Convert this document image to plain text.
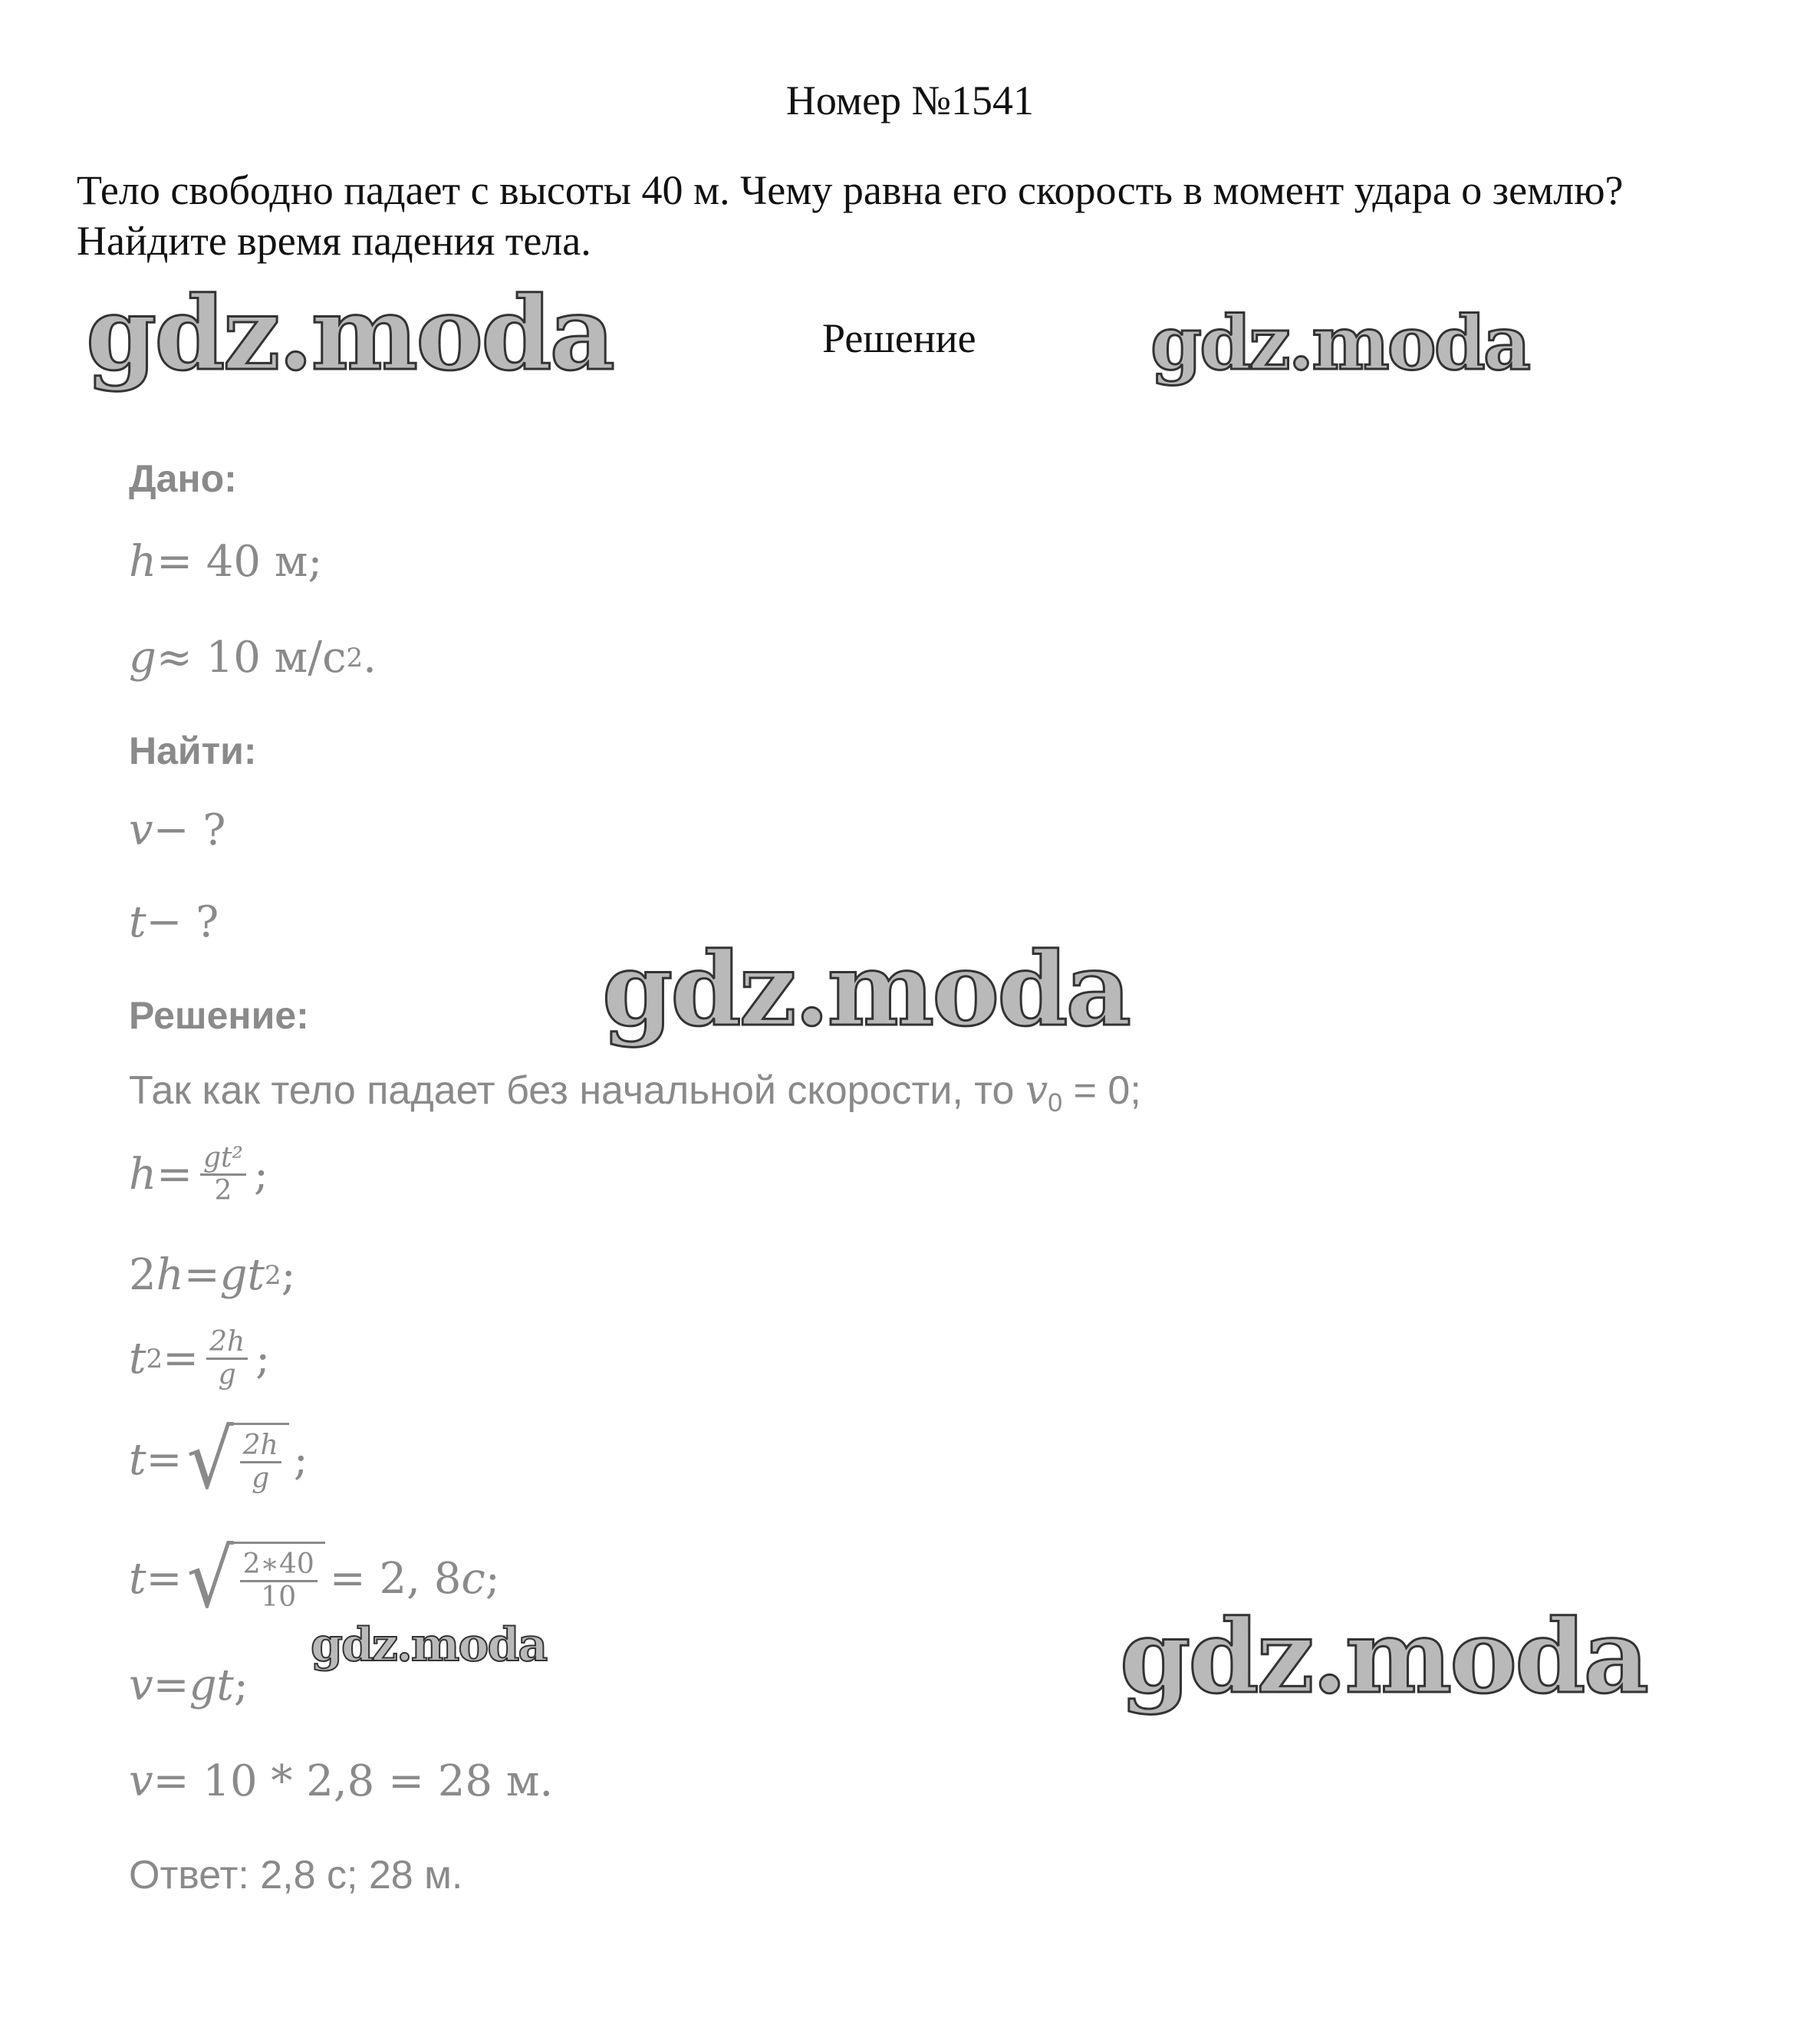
Номер №1541
Тело свободно падает с высоты 40 м. Чему равна его скорость в момент удара о землю? Найдите время падения тела.
Решение
gdz.moda	gdz.moda
gdz.moda
gdz.moda	gdz.moda
Дано:
h = 40 м;
g ≈ 10 м/с 2 .
Найти:
v − ?
t − ?
Решение:
Так как тело падает без начальной скорости, то $v_0 = 0$;
$h = \frac{\text{gt²}}{2}$ ;
2 h = gt 2 ;
t $2 = \frac{2h}{g}$ ;
t = √ $\frac{2h}{g}$ ;
t = √ $\frac{2∗40}{10} = 2$, 8 с ;
v = gt ;
v = 10 * 2,8 = 28 м.
Ответ: 2,8 с; 28 м.
